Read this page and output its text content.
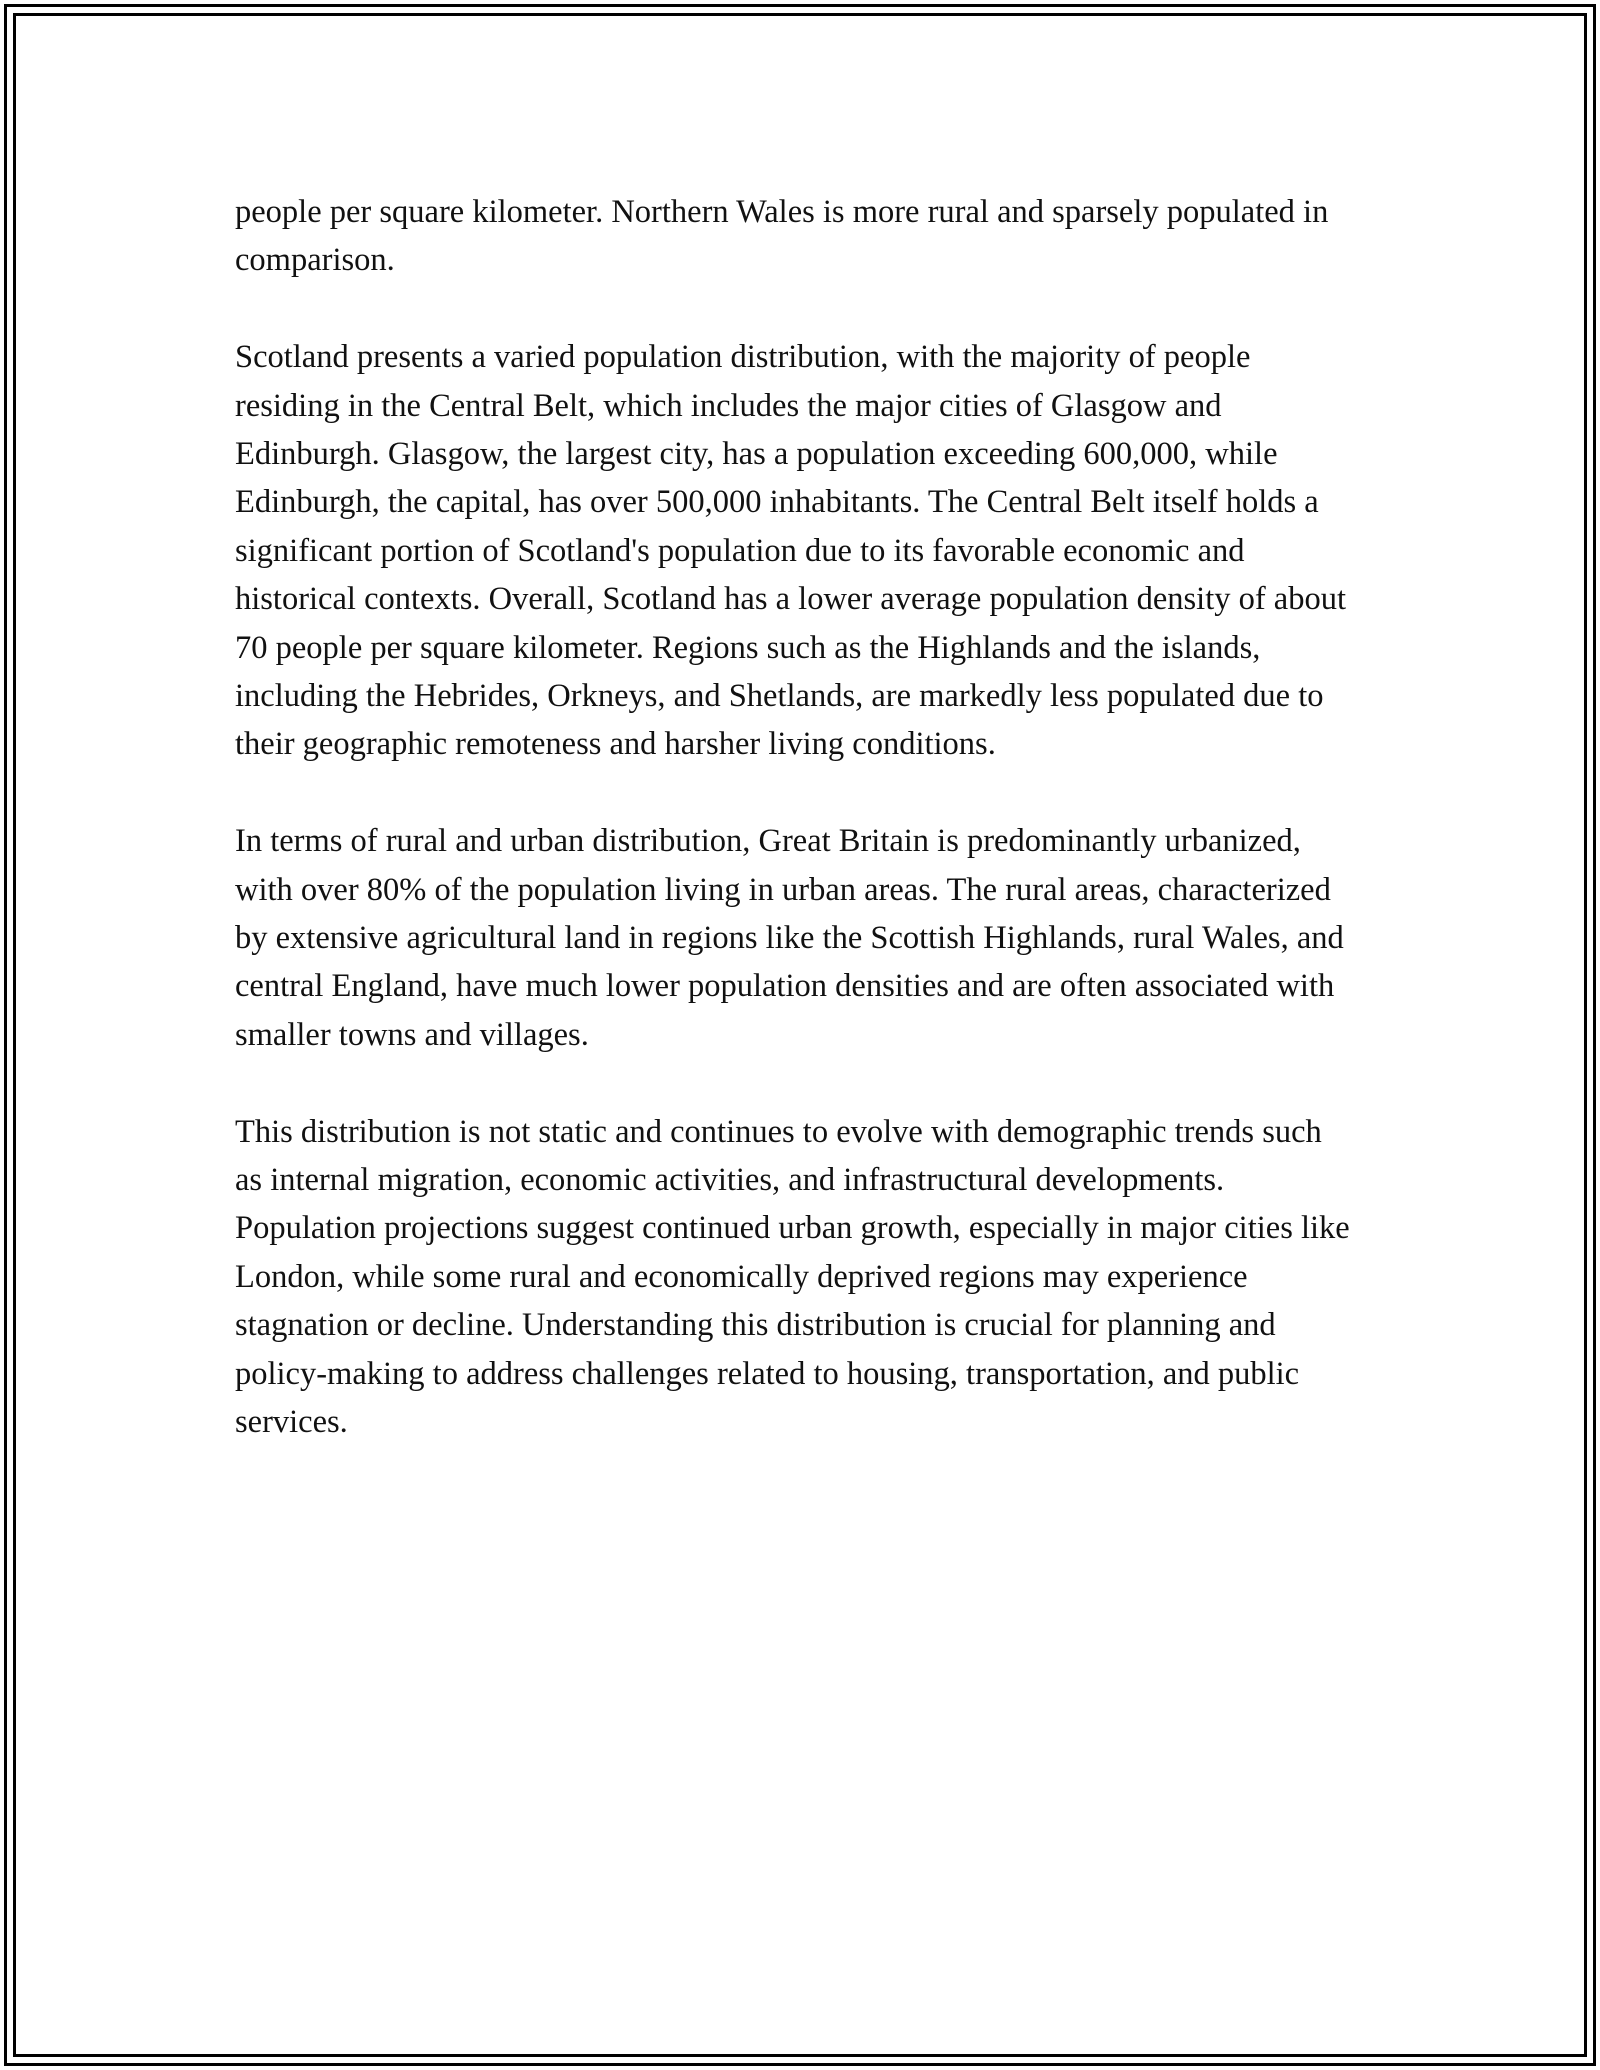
people per square kilometer. Northern Wales is more rural and sparsely populated in comparison.

Scotland presents a varied population distribution, with the majority of people residing in the Central Belt, which includes the major cities of Glasgow and Edinburgh. Glasgow, the largest city, has a population exceeding 600,000, while Edinburgh, the capital, has over 500,000 inhabitants. The Central Belt itself holds a significant portion of Scotland's population due to its favorable economic and historical contexts. Overall, Scotland has a lower average population density of about 70 people per square kilometer. Regions such as the Highlands and the islands, including the Hebrides, Orkneys, and Shetlands, are markedly less populated due to their geographic remoteness and harsher living conditions.

In terms of rural and urban distribution, Great Britain is predominantly urbanized, with over 80% of the population living in urban areas. The rural areas, characterized by extensive agricultural land in regions like the Scottish Highlands, rural Wales, and central England, have much lower population densities and are often associated with smaller towns and villages.

This distribution is not static and continues to evolve with demographic trends such as internal migration, economic activities, and infrastructural developments. Population projections suggest continued urban growth, especially in major cities like London, while some rural and economically deprived regions may experience stagnation or decline. Understanding this distribution is crucial for planning and policy-making to address challenges related to housing, transportation, and public services.
